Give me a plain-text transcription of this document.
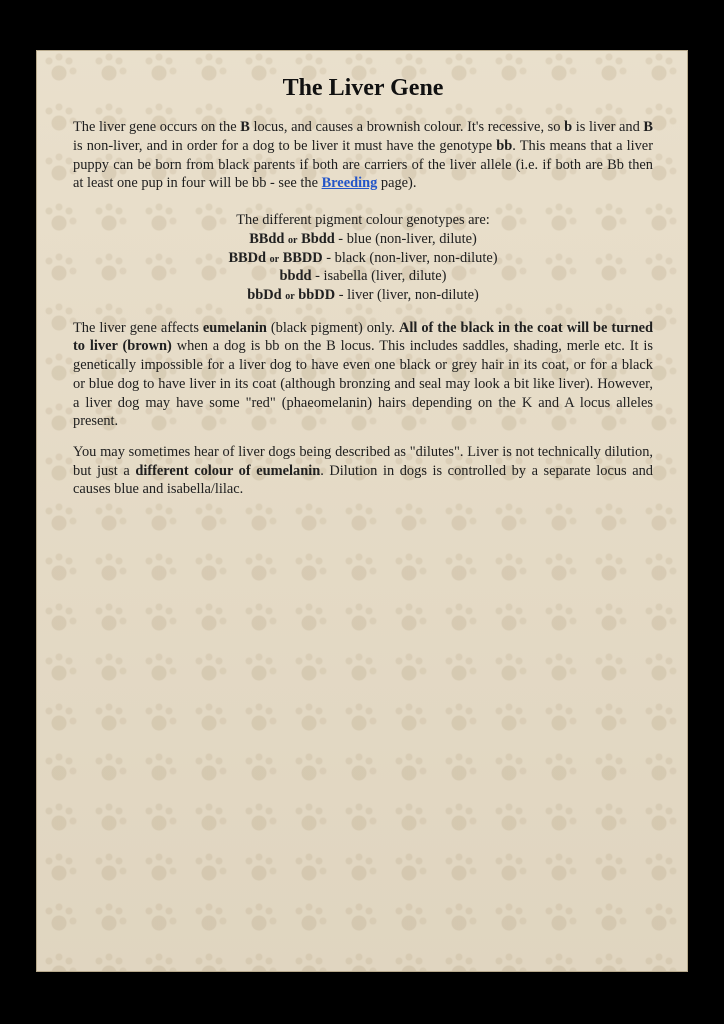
The Liver Gene

The liver gene occurs on the B locus, and causes a brownish colour. It's recessive, so b is liver and B is non-liver, and in order for a dog to be liver it must have the genotype bb. This means that a liver puppy can be born from black parents if both are carriers of the liver allele (i.e. if both are Bb then at least one pup in four will be bb - see the Breeding page).

The different pigment colour genotypes are:
BBdd or Bbdd - blue (non-liver, dilute)
BBDd or BBDD - black (non-liver, non-dilute)
bbdd - isabella (liver, dilute)
bbDd or bbDD - liver (liver, non-dilute)

The liver gene affects eumelanin (black pigment) only. All of the black in the coat will be turned to liver (brown) when a dog is bb on the B locus. This includes saddles, shading, merle etc. It is genetically impossible for a liver dog to have even one black or grey hair in its coat, or for a black or blue dog to have liver in its coat (although bronzing and seal may look a bit like liver). However, a liver dog may have some "red" (phaeomelanin) hairs depending on the K and A locus alleles present.

You may sometimes hear of liver dogs being described as "dilutes". Liver is not technically dilution, but just a different colour of eumelanin. Dilution in dogs is controlled by a separate locus and causes blue and isabella/lilac.
